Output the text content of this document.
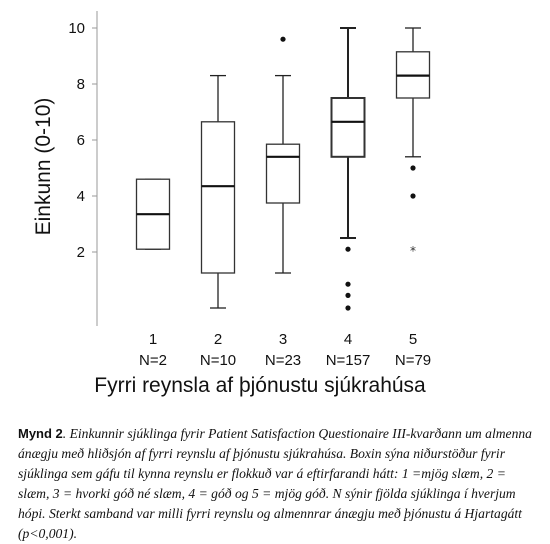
2
4
6
8
10
Einkunn (0-10)
*
1
N=2
2
N=10
3
N=23
4
N=157
5
N=79
Fyrri reynsla af þjónustu sjúkrahúsa
Mynd 2. Einkunnir sjúklinga fyrir Patient Satisfaction Questionaire III-kvarðann um almenna ánægju með hliðsjón af fyrri reynslu af þjónustu sjúkrahúsa. Boxin sýna niðurstöður fyrir sjúklinga sem gáfu til kynna reynslu er flokkuð var á eftirfarandi hátt: 1 =mjög slæm, 2 = slæm, 3 = hvorki góð né slæm, 4 = góð og 5 = mjög góð. N sýnir fjölda sjúklinga í hverjum hópi. Sterkt samband var milli fyrri reynslu og almennrar ánægju með þjónustu á Hjartagátt (p<0,001).
